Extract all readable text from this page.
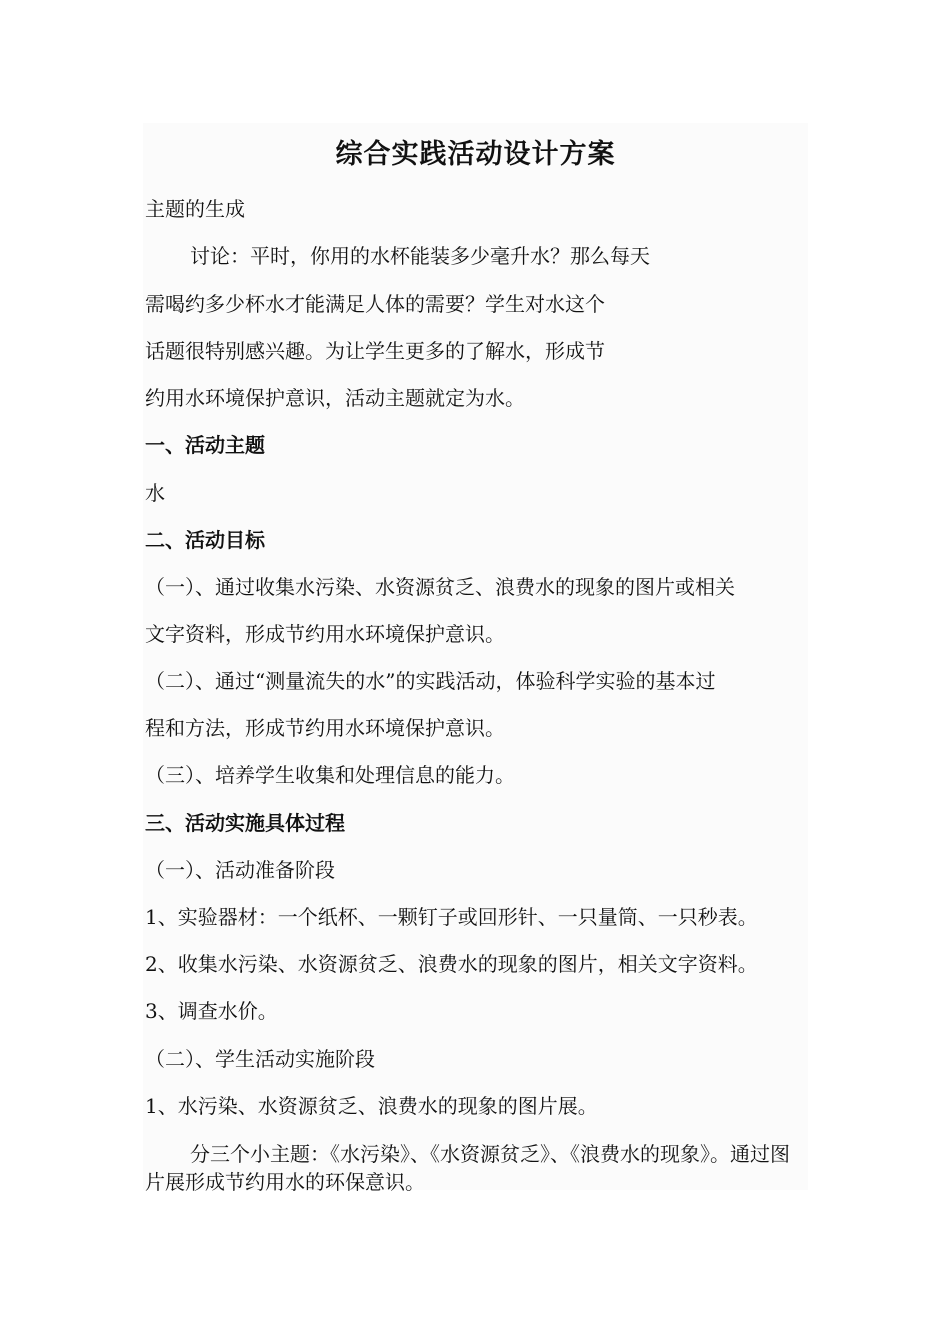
综合实践活动设计方案
主题的生成
讨论：平时，你用的水杯能装多少毫升水？那么每天
需喝约多少杯水才能满足人体的需要？学生对水这个
话题很特别感兴趣。为让学生更多的了解水，形成节
约用水环境保护意识，活动主题就定为水。
一、活动主题
水
二、活动目标
（一）、通过收集水污染、水资源贫乏、浪费水的现象的图片或相关
文字资料，形成节约用水环境保护意识。
（二）、通过“测量流失的水”的实践活动，体验科学实验的基本过
程和方法，形成节约用水环境保护意识。
（三）、培养学生收集和处理信息的能力。
三、活动实施具体过程
（一）、活动准备阶段
1、实验器材：一个纸杯、一颗钉子或回形针、一只量筒、一只秒表。
2、收集水污染、水资源贫乏、浪费水的现象的图片，相关文字资料。
3、调查水价。
（二）、学生活动实施阶段
1、水污染、水资源贫乏、浪费水的现象的图片展。
分三个小主题：《水污染》、《水资源贫乏》、《浪费水的现象》。通过图片展形成节约用水的环保意识。
